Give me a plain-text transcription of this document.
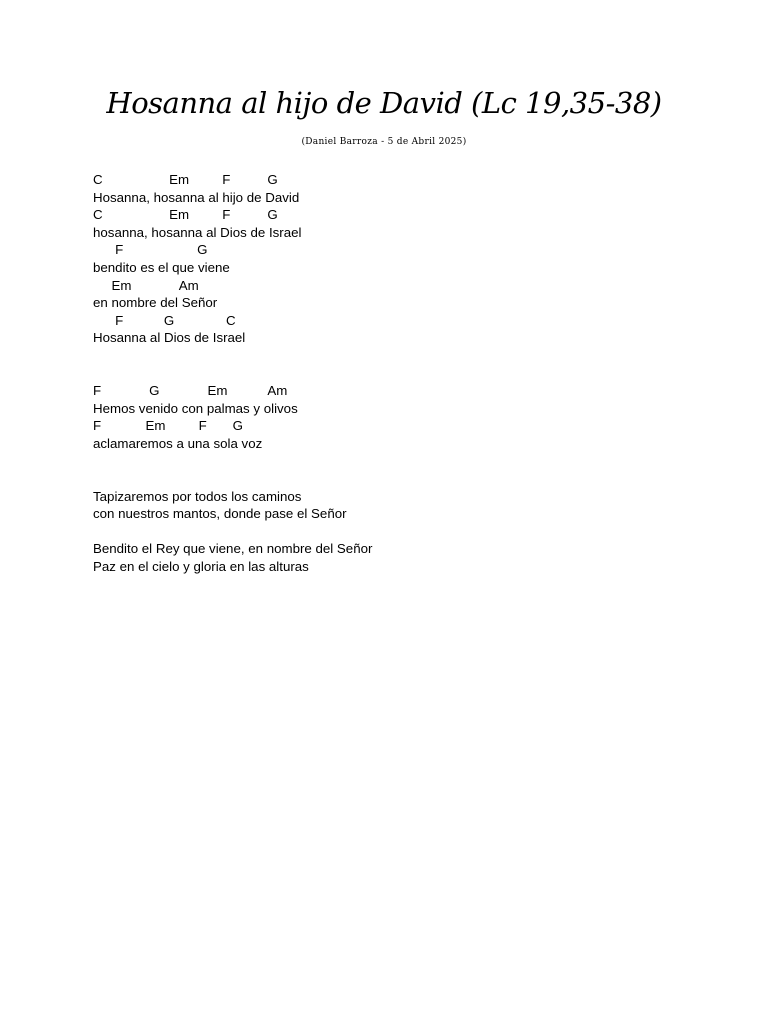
Hosanna al hijo de David (Lc 19,35-38)
(Daniel Barroza - 5 de Abril 2025)
C                  Em         F          G
Hosanna, hosanna al hijo de David
C                  Em         F          G
hosanna, hosanna al Dios de Israel
F                    G
bendito es el que viene
Em             Am
en nombre del Señor
F           G              C
Hosanna al Dios de Israel
F             G             Em           Am
Hemos venido con palmas y olivos
F            Em         F       G
aclamaremos a una sola voz
Tapizaremos por todos los caminos
con nuestros mantos, donde pase el Señor
Bendito el Rey que viene, en nombre del Señor
Paz en el cielo y gloria en las alturas
